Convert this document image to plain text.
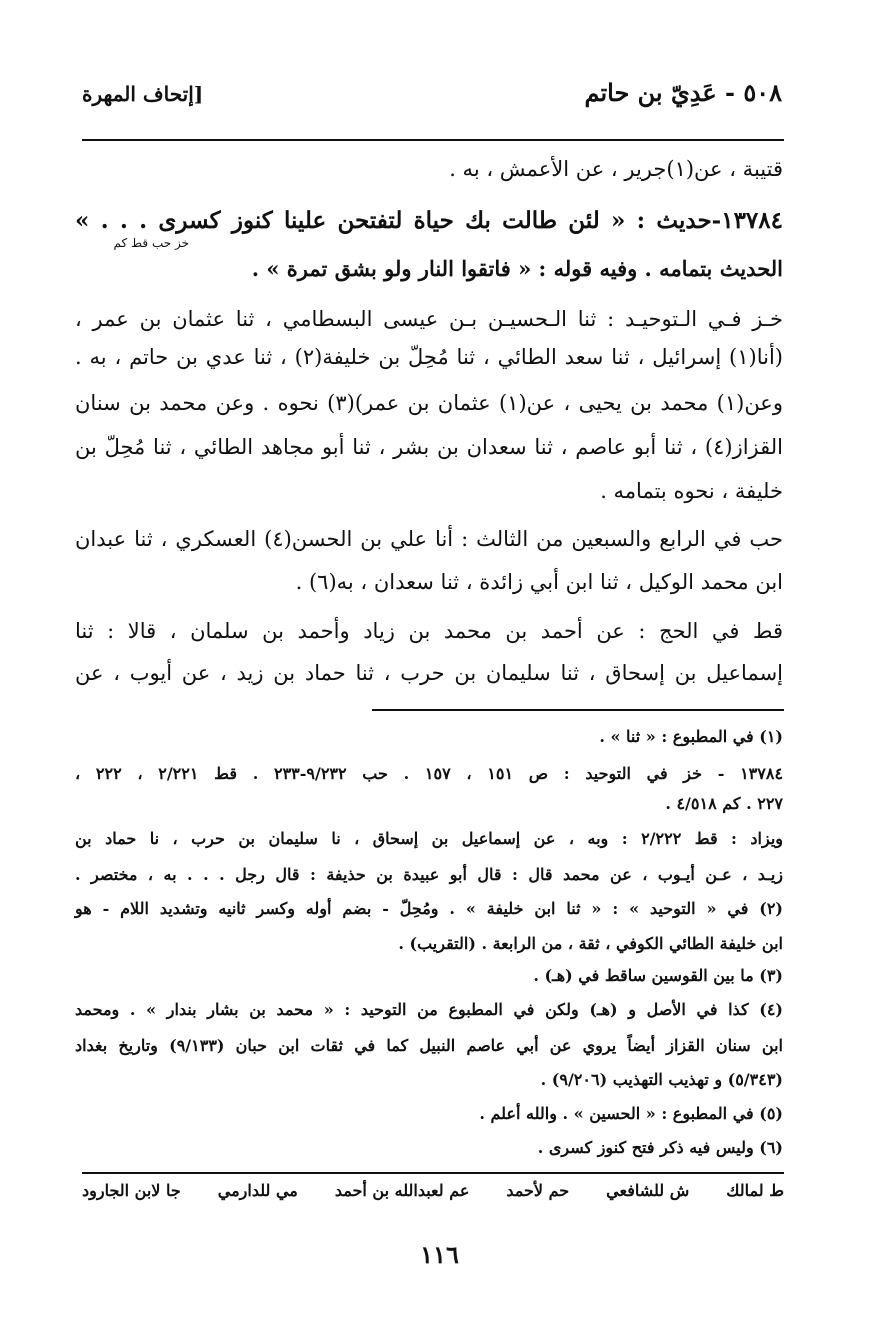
٥٠٨ - عَدِيّ بن حاتم
[إتحاف المهرة
قتيبة ، عن(١)جرير ، عن الأعمش ، به .
١٣٧٨٤-حديث : « لئن طالت بك حياة لتفتحن علينا كنوز كسرى . . . »
الحديث بتمامه . وفيه قوله : « فاتقوا النار ولو بشق تمرة » .
خـز فـي الـتوحيـد : ثنا الـحسيـن بـن عيسى البسطامي ، ثنا عثمان بن عمر ،
(أنا(١) إسرائيل ، ثنا سعد الطائي ، ثنا مُحِلّ بن خليفة(٢) ، ثنا عدي بن حاتم ، به .
وعن(١) محمد بن يحيى ، عن(١) عثمان بن عمر)(٣) نحوه . وعن محمد بن سنان
القزاز(٤) ، ثنا أبو عاصم ، ثنا سعدان بن بشر ، ثنا أبو مجاهد الطائي ، ثنا مُحِلّ بن
خليفة ، نحوه بتمامه .
حب في الرابع والسبعين من الثالث : أنا علي بن الحسن(٤) العسكري ، ثنا عبدان
ابن محمد الوكيل ، ثنا ابن أبي زائدة ، ثنا سعدان ، به(٦) .
قط في الحج : عن أحمد بن محمد بن زياد وأحمد بن سلمان ، قالا : ثنا
إسماعيل بن إسحاق ، ثنا سليمان بن حرب ، ثنا حماد بن زيد ، عن أيوب ، عن
خز حب قط كم
(١) في المطبوع : « ثنا » .
١٣٧٨٤ - خز في التوحيد : ص ١٥١ ، ١٥٧ . حب ٩/٢٣٢-٢٣٣ . قط ٢/٢٢١ ، ٢٢٢ ،
٢٢٧ . كم ٤/٥١٨ .
ويزاد : قط ٢/٢٢٢ : وبه ، عن إسماعيل بن إسحاق ، نا سليمان بن حرب ، نا حماد بن
زيـد ، عـن أيـوب ، عن محمد قال : قال أبو عبيدة بن حذيفة : قال رجل . . . به ، مختصر .
(٢) في « التوحيد » : « ثنا ابن خليفة » . ومُحِلّ - بضم أوله وكسر ثانيه وتشديد اللام - هو
ابن خليفة الطائي الكوفي ، ثقة ، من الرابعة . (التقريب) .
(٣) ما بين القوسين ساقط في (هـ) .
(٤) كذا في الأصل و (هـ) ولكن في المطبوع من التوحيد : « محمد بن بشار بندار » . ومحمد
ابن سنان القزاز أيضاً يروي عن أبي عاصم النبيل كما في ثقات ابن حبان (٩/١٣٣) وتاريخ بغداد
(٥/٣٤٣) و تهذيب التهذيب (٩/٢٠٦) .
(٥) في المطبوع : « الحسين » . والله أعلم .
(٦) وليس فيه ذكر فتح كنوز كسرى .
ط لمالك
ش للشافعي
حم لأحمد
عم لعبدالله بن أحمد
مي للدارمي
جا لابن الجارود
١١٦
